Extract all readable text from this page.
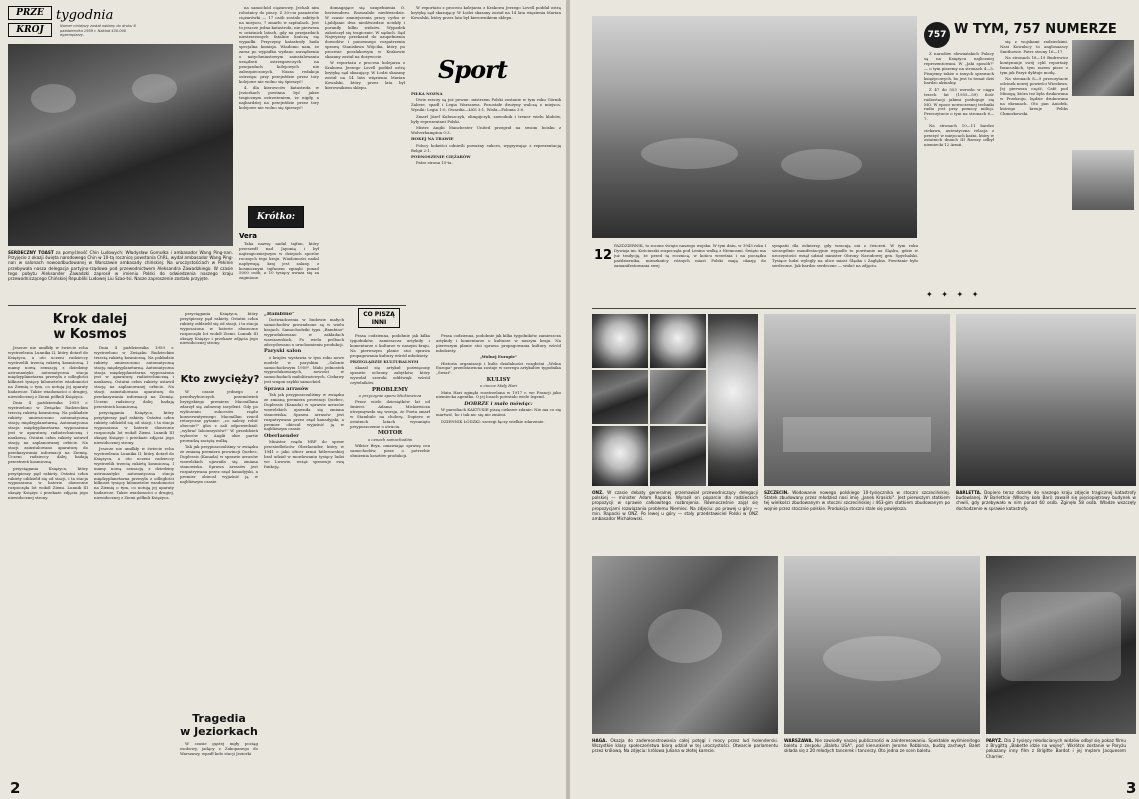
PRZE
KRÓJ
tygodnia
Numer niniejszy został oddany do druku 6 października 1959 r. Nakład 430.000 egzemplarzy.
SERDECZNY TOAST za pomyślność Chin Ludowych: Władysław Gomułka i ambasador Wang Ping-nan. Przyjęcie z okazji święta narodowego Chin w 10-tą rocznicę powstania ChRL, wydał ambasador Wang Ping-nan w salonach nowoodbudowanej w Warszawie ambasady chińskiej. Na uroczystościach w Pekinie przebywała nasza delegacja partyjno-rządowa pod przewodnictwem Aleksandra Zawadzkiego. W czasie tego pobytu Aleksander Zawadzki zaprosił w imieniu Polski do odwiedzenia naszego kraju przewodniczącego Chińskiej Republiki Ludowej Liu Szao-tsi. Nasze zaproszenie zostało przyjęte.

na samochód ciężarowy. Jechali nim robotnicy do pracy. Z 30-ciu pasażerów ciężarówki — 17 osób zostało zabitych na miejscu, 7 zmarło w szpitalach. Jest to jeszcze jedna katastrofa, nie pierwsza w ostatnich latach, gdy na przejazdach niestrzeżonych fatalnie kończą się wypadki. Przyczyny katastrofy bada specjalna komisja. Wiadomo nam, że zaraz po wypadku wydano zarządzenia o natychmiastowym zainstalowaniu urządzeń ostrzegawczych na przejazdach kolejowych nie zabezpieczonych. Nasza redakcja ostrzega: przy przejeździe przez tory kolejowe nie wolno się śpieszyć!

4. dla kierowców katastrofa w Jeziorkach powinna być jakże tragicznym ostrzeżeniem, że nigdy, a najbardziej na przejeździe przez tory kolejowe nie wolno się śpieszyć!

Krótko:

domagające się uzupełnienia O. berisenderu. Rozszalałe niedźwiedzie. W czasie zmniejszenia pracy cyrku w Ljubljanie dwa niedźwiedzie uciekły i poraniły kilku widzów. Wypadek zakończył się tragicznie. W sądach. Sąd Najwyższy przekazał do uzupełnienia dowodów i ponownego rozpatrzenia sprawę Stanisława Wójcika, który po procesie poszlakowym w Krakowie skazany został na dożywocie.

W reportażu z procesu kolejarza z Krakowa Jerzego Lovell poddał ostrą krytykę sąd skazujący. W Łodzi skazany został na 14 lata więzienia Marian Kowalski, który przez lata był kierownikiem sklepu.

Vera

Taka nazwę nadal tajfun, który przeszedł nad Japonią i był najtragiczniejszym w dziejach sporów rocznych tego kraju. Wiadomości nadal napływają, kraj jest zalany, z kosmicznym tajfunem zginęło ponad 5000 osób, a 10 tysięcy uważa się za zaginione.

W reportażu z procesu kolejarza z Krakowa Jerzego Lovell poddał ostrą krytykę sąd skazujący. W Łodzi skazany został na 14 lata więzienia Marian Kowalski, który przez lata był kierownikiem sklepu.

Sport

PIŁKA NOŻNA

Dwie rzeczy są już pewne: mistrzem Polski zostanie w tym roku Górnik Zabrze, spadł i Legia Warszawa. Pozostałe drużyny walczą o miejsca. Wyniki: Legia 1:0, Gwardia—ŁKS 3:1, Wisła—Polonia 3:0.

Zmarł Józef Kałuszczyk, olimpijczyk, zawodnik i trener wielu klubów, były reprezentant Polski.

Mistrz Anglii Manchester United przegrał na swoim boisku z Wolverhampton 0:3.

HOKEJ NA TRAWIE

Polscy hokeiści odnieśli poważny sukces, wygrywając z reprezentacją Belgii 2:1.

PODNOSZENIE CIĘŻARÓW

Patrz strona 15-ta.

Krok dalej
w Kosmos

Jeszcze nie umilkły w świecie echa wystrzelenia Lunnika II, który dotarł do Księżyca, a oto uczeni radzieccy wystrzelili trzecią rakietę kosmiczną. I mamy nową sensację z dziedziny astronautyki: automatyczna stacja międzyplanetarna przesyła z odległości kilkuset tysięcy kilometrów wiadomości na Ziemię o tym, co notują jej aparaty badawcze. Także wiadomości o drugiej, niewidocznej z Ziemi półkuli Księżyca.

Dnia 4 października 1959 r. wystrzelono w Związku Radzieckim trzecią rakietę kosmiczną. Na pokładzie rakiety umieszczono automatyczną stację międzyplanetarną. Automatyczna stacja międzyplanetarna wyposażona jest w aparaturę radiotechniczną i naukową. Ostatni człon rakiety ustawił stację na zaplanowanej orbicie. Na stacji zainstalowano aparaturę do przekazywania informacji na Ziemię. Uczeni radzieccy dalej badają przestrzeń kosmiczną.

przyciągania Księżyca, który przyśpieszy pęd rakiety. Ostatni człon rakiety oddzielił się od stacji, i ta stacja wyposażona w baterie słoneczne rozpoczęła lot wokół Ziemi. Lunnik III okrąży Księżyc i przekaże zdjęcia jego niewidocznej strony.

Dnia 4 października 1959 r. wystrzelono w Związku Radzieckim trzecią rakietę kosmiczną. Na pokładzie rakiety umieszczono automatyczną stację międzyplanetarną. Automatyczna stacja międzyplanetarna wyposażona jest w aparaturę radiotechniczną i naukową. Ostatni człon rakiety ustawił stację na zaplanowanej orbicie. Na stacji zainstalowano aparaturę do przekazywania informacji na Ziemię. Uczeni radzieccy dalej badają przestrzeń kosmiczną.

przyciągania Księżyca, który przyśpieszy pęd rakiety. Ostatni człon rakiety oddzielił się od stacji, i ta stacja wyposażona w baterie słoneczne rozpoczęła lot wokół Ziemi. Lunnik III okrąży Księżyc i przekaże zdjęcia jego niewidocznej strony.

Jeszcze nie umilkły w świecie echa wystrzelenia Lunnika II, który dotarł do Księżyca, a oto uczeni radzieccy wystrzelili trzecią rakietę kosmiczną. I mamy nową sensację z dziedziny astronautyki: automatyczna stacja międzyplanetarna przesyła z odległości kilkuset tysięcy kilometrów wiadomości na Ziemię o tym, co notują jej aparaty badawcze. Także wiadomości o drugiej, niewidocznej z Ziemi półkuli Księżyca.

przyciągania Księżyca, który przyśpieszy pęd rakiety. Ostatni człon rakiety oddzielił się od stacji, i ta stacja wyposażona w baterie słoneczne rozpoczęła lot wokół Ziemi. Lunnik III okrąży Księżyc i przekaże zdjęcia jego niewidocznej strony.

Kto zwycięży?

W czasie jednego z przedwyborczych przemówień brytyjskiego premiera Macmillana zdarzył się zabawny incydent. Gdy po wyliczeniu sukcesów rządu konserwatywnego Macmillan rzucił retoryczne pytanie: „co należy robić obecnie?" głos z sali odpowiedział: „wybrać labourzystów!" W przeddzień wyborów w Anglii obie partie prowadzą zaciętą walkę.

Tak jak przypuszczaliśmy w związku ze zmianą premiera prowincji Quebec, Duplessis (Kanada) w sprawie arrasów wawelskich ujawniła się zmiana stanowiska. Sprawa arrasów jest rozpatrywana przez rząd kanadyjski, a premier obiecał wyjaśnić ją w najbliższym czasie.

Tragedia
w Jeziorkach

W czasie gęstej mgły pociąg osobowy, jadący z Zakopanego do Warszawy, wpadł koło stacji Jeziorki

„Bambino"

Doświadczenia w budowie małych samochodów prowadzone są w wielu krajach. Samochodziki typu „Bambino" wyprodukowano w zakładach warszawskich. Po wielu próbach zdecydowano o uruchomieniu produkcji.

Paryski salon

z krajów wystawia w tym roku nowe modele w paryskim „Salonie samochodowym 1959". Mało jednostek wyprodukowanych, nowości w samochodach małolitrażowych. Ciekawy jest wagon szybki samochód.

Sprawa arrasów

Tak jak przypuszczaliśmy w związku ze zmianą premiera prowincji Quebec, Duplessis (Kanada) w sprawie arrasów wawelskich ujawniła się zmiana stanowiska. Sprawa arrasów jest rozpatrywana przez rząd kanadyjski, a premier obiecał wyjaśnić ją w najbliższym czasie.

Oberlaender

Minister rządu NRF do spraw przesiedleńców Oberlaender, który w 1941 r. jako oficer armii hitlerowskiej brał udział w mordowaniu tysięcy ludzi we Lwowie, wciąż sprawuje swą funkcję.

CO PISZĄ INNI

Prasa codzienna, podobnie jak kilka tygodników, zamieszcza artykuły i komentarze o kulturze w naszym kraju. Na pierwszym planie stoi sprawa propagowania kultury wśród młodzieży.

PRZEGLĄDZIE KULTURALNYM

ukazał się artykuł poświęcony sprawie ochrony zabytków, który wywołał szeroki oddźwięk wśród czytelników.

PROBLEMY

o przyczynie sporu Mickiewicza

Przez wiele dziesiątków lat od śmierci Adama Mickiewicza utrzymywała się wersja, że Poeta zmarł w Stambule na cholerę. Dopiero w ostatnich latach wysunięto przypuszczenie o otruciu.

MOTOR

o cenach samochodów

Wiktor Bryx, omawiając sprawę cen samochodów, pisze o potrzebie obniżenia kosztów produkcji.

Prasa codzienna, podobnie jak kilka tygodników, zamieszcza artykuły i komentarze o kulturze w naszym kraju. Na pierwszym planie stoi sprawa propagowania kultury wśród młodzieży.

„Wolnej Europie"

Historia organizacji i kulis działalności rozgłośni „Wolna Europa" przedstawiona zostaje w szeregu artykułów tygodnika „Świat".

KULISY

o ciocce Mały Hari

Mata Hari zginęła rozstrzelana w 1917 r. we Francji jako niemiecka agentka. O jej losach powstało wiele legend.

DOBRZE i mało mówiąc:

W parodiach KAKTUSIE piszą ciekawe zdanie: Nie ma co się martwić, bo i tak nic się nie zmieni.

DZIENNIK ŁÓDZKI: szeregi łączy wielkie zdarzenie.

2
757 W TYM, 757 NUMERZE

Z narodów słowiańskich Polacy są na Księżycu najliczniej reprezentowani. W „Jaki sposób?" — o tym piszemy na stronach 4—5. Pisujemy także o innych sprawach księżycowych, bo jest to temat dziś bardzo aktualny.

Z 47 do 553 wzrosła w ciągu trzech lat (1955—59) ilość radiostacji jakimi posługuje się MO. W epoce nowoczesnej techniki radio jest przy pomocy milicji. Przeczytacie o tym na stronach 6—7.

Na stronach 10—11 bardzo ciekawa, autentyczna relacja z przeżyć w miejscach kaźni, który w ostatnich dniach III Rzeszy odbył niemiecki 12 Armii.

się z wojskami radzieckimi. Nasi Kowalscy to anglosaascy Smithowie. Patrz strony 16—17.

Na stronach 18—19 Budrewicz kontynuuje swój cykl reportaży francuskich, tym razem pisze o tym jak Paryż dyktuje modę.

Na stronach 8—9 przeczytacie odcinek nowej powieści Wiesława. Jej pierwsza część, Café pod Minogą, która też była drukowana w Przekroju, będzie drukowana na ekranach. Oto pan Aniołek, którego kreuje Feliks Chmurkowski.

✦ ✦ ✦ ✦
12

PAŹDZIERNIK, to roczne święto naszego wojska. W tym dniu, w 1943 roku I Dywizja im. Kościuszki rozpoczęła pod Lenino walkę z Niemcami. Święto ma już tradycję, że przed tą rocznicą, w końcu września i na początku października, mieszkańcy różnych miast Polski mają okazję do zamanifestowania swej

sympatii dla żołnierzy, gdy wracają oni z ćwiczeń. W tym roku szczególnie manifestacyjnie wypadło to powitanie na Śląsku, gdzie w uroczystości wziął udział minister Obrony Narodowej gen. Spychalski. Tysiące ludzi wyległy na ulice miast Śląska i Zagłębia. Powitanie było serdeczne. Jak bardzo serdeczne — widać na zdjęciu.

ONZ. W czasie debaty generalnej przemawiał przewodniczący delegacji polskiej — minister Adam Rapacki. Wyraził on poparcie dla radzieckich propozycji w sprawie całkowitego rozbrojenia. Równocześnie zajął się propozycjami rozwiązania problemu Niemiec. Na zdjęciu: po prawej u góry — min. Rapacki w ONZ. Po lewej u góry — stały przedstawiciel Polski w ONZ ambasador Michałowski.
SZCZECIN. Wodowanie nowego polskiego 10-tysięcznika w stoczni szczecińskiej. Statek zbudowany przez młodzież nosi imię „Janek Krasicki". Jest pierwszym statkiem tej wielkości zbudowanym w stoczni szczecińskiej i 463-gim statkiem zbudowanym po wojnie przez stocznie polskie. Produkcja stoczni stale się powiększa.
BARLETTA. Dopiero teraz dotarło do naszego kraju zdjęcie tragicznej katastrofy budowlanej. W Barlettcie (Włochy koło Bari) zawalił się pięciopiętrowy budynek w chwili, gdy przebywało w nim ponad 60 osób. Zginęło 58 osób. Władze wszczęły dochodzenie w sprawie katastrofy.
HAGA. Okazja do zademonstrowania całej potęgi i mocy przez lud holenderski. Wszystkie klasy społeczeństwa biorą udział w tej uroczystości. Otwarcie parlamentu przez królową. Na zdjęciu: królowa Juliana w złotej karecie.
WARSZAWA. Nie zawiodły naszej publiczności w zainteresowaniu. Spektakle wyśmienitego baletu z zespołu „Baletu USA", pod kierunkiem Jerome Robbinsa, budzą zachwyt. Balet składa się z 20 młodych tancerek i tancerzy. Oto jedna ze scen baletu.
PARYŻ. Dla 2 tysięcy młodocianych widzów odbył się pokaz filmu z Brygittą „Babette idzie na wojnę". Wkrótce zostanie w Paryżu pokazany inny film z Brigitte Bardot i jej mężem Jacquesem Charrier.
3
